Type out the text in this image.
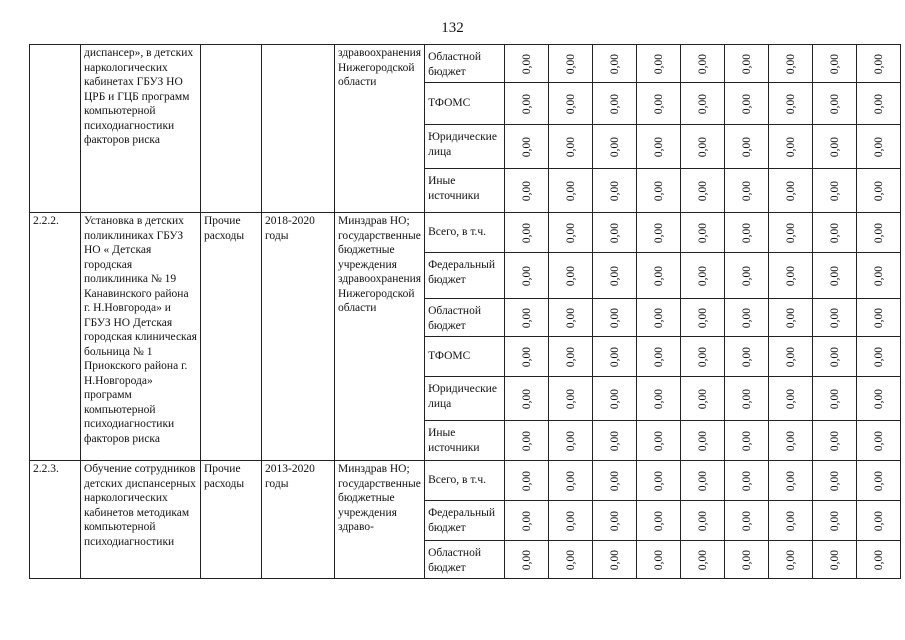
132
	диспансер», в детских наркологических кабинетах ГБУЗ НО ЦРБ и ГЦБ программ компьютерной психодиагностики факторов риска			здравоохранения Нижегородской области	Областной бюджет	0,00	0,00	0,00	0,00	0,00	0,00	0,00	0,00	0,00

					ТФОМС	0,00	0,00	0,00	0,00	0,00	0,00	0,00	0,00	0,00

					Юридические лица	0,00	0,00	0,00	0,00	0,00	0,00	0,00	0,00	0,00

					Иные источники	0,00	0,00	0,00	0,00	0,00	0,00	0,00	0,00	0,00

2.2.2.	Установка в детских поликлиниках ГБУЗ НО « Детская городская поликлиника № 19 Канавинского района г. Н.Новгорода» и ГБУЗ НО Детская городская клиническая больница № 1 Приокского района г. Н.Новгорода» программ компьютерной психодиагностики факторов риска	Прочие расходы	2018-2020 годы	Минздрав НО; государственные бюджетные учреждения здравоохранения Нижегородской области	Всего, в т.ч.	0,00	0,00	0,00	0,00	0,00	0,00	0,00	0,00	0,00

					Федеральный бюджет	0,00	0,00	0,00	0,00	0,00	0,00	0,00	0,00	0,00

					Областной бюджет	0,00	0,00	0,00	0,00	0,00	0,00	0,00	0,00	0,00

					ТФОМС	0,00	0,00	0,00	0,00	0,00	0,00	0,00	0,00	0,00

					Юридические лица	0,00	0,00	0,00	0,00	0,00	0,00	0,00	0,00	0,00

					Иные источники	0,00	0,00	0,00	0,00	0,00	0,00	0,00	0,00	0,00

2.2.3.	Обучение сотрудников детских диспансерных наркологических кабинетов методикам компьютерной психодиагностики	Прочие расходы	2013-2020 годы	Минздрав НО; государственные бюджетные учреждения здраво-	Всего, в т.ч.	0,00	0,00	0,00	0,00	0,00	0,00	0,00	0,00	0,00

					Федеральный бюджет	0,00	0,00	0,00	0,00	0,00	0,00	0,00	0,00	0,00

					Областной бюджет	0,00	0,00	0,00	0,00	0,00	0,00	0,00	0,00	0,00
